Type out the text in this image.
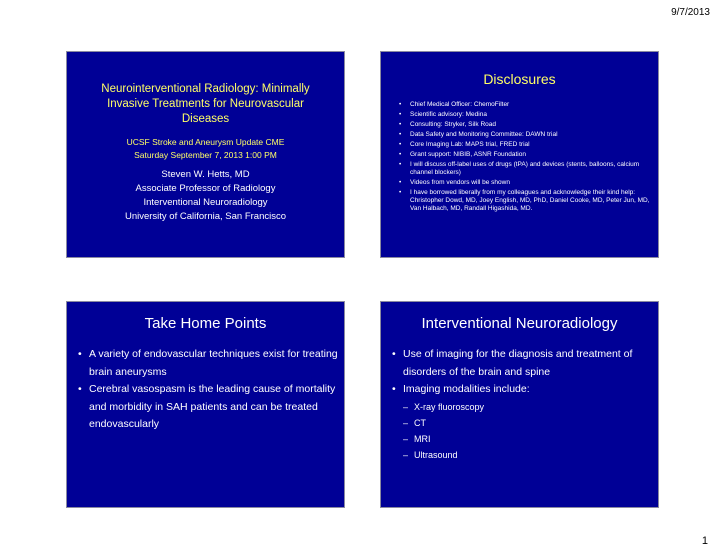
9/7/2013
Neurointerventional Radiology: Minimally
Invasive Treatments for Neurovascular
Diseases
UCSF Stroke and Aneurysm Update CME
Saturday September 7, 2013 1:00 PM
Steven W. Hetts, MD
Associate Professor of Radiology
Interventional Neuroradiology
University of California, San Francisco
Disclosures
• Chief Medical Officer: ChemoFilter
• Scientific advisory: Medina
• Consulting: Stryker, Silk Road
• Data Safety and Monitoring Committee: DAWN trial
• Core Imaging Lab: MAPS trial, FRED trial
• Grant support: NIBIB, ASNR Foundation
• I will discuss off-label uses of drugs (tPA) and devices (stents, balloons, calcium channel blockers)
• Videos from vendors will be shown
• I have borrowed liberally from my colleagues and acknowledge their kind help: Christopher Dowd, MD, Joey English, MD, PhD, Daniel Cooke, MD, Peter Jun, MD, Van Halbach, MD, Randall Higashida, MD.
Take Home Points
• A variety of endovascular techniques exist for treating brain aneurysms
• Cerebral vasospasm is the leading cause of mortality and morbidity in SAH patients and can be treated endovascularly
Interventional Neuroradiology
• Use of imaging for the diagnosis and treatment of disorders of the brain and spine
• Imaging modalities include:
– X-ray fluoroscopy
– CT
– MRI
– Ultrasound
1
